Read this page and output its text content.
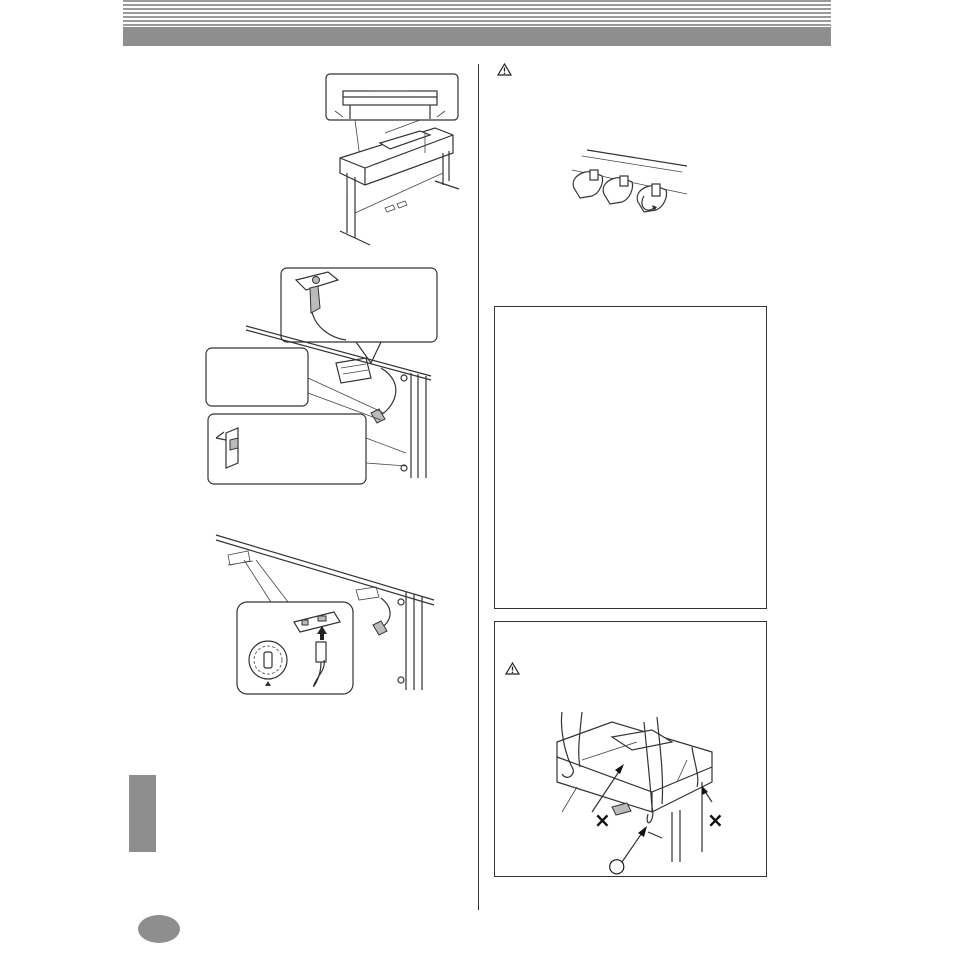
×	×
○
